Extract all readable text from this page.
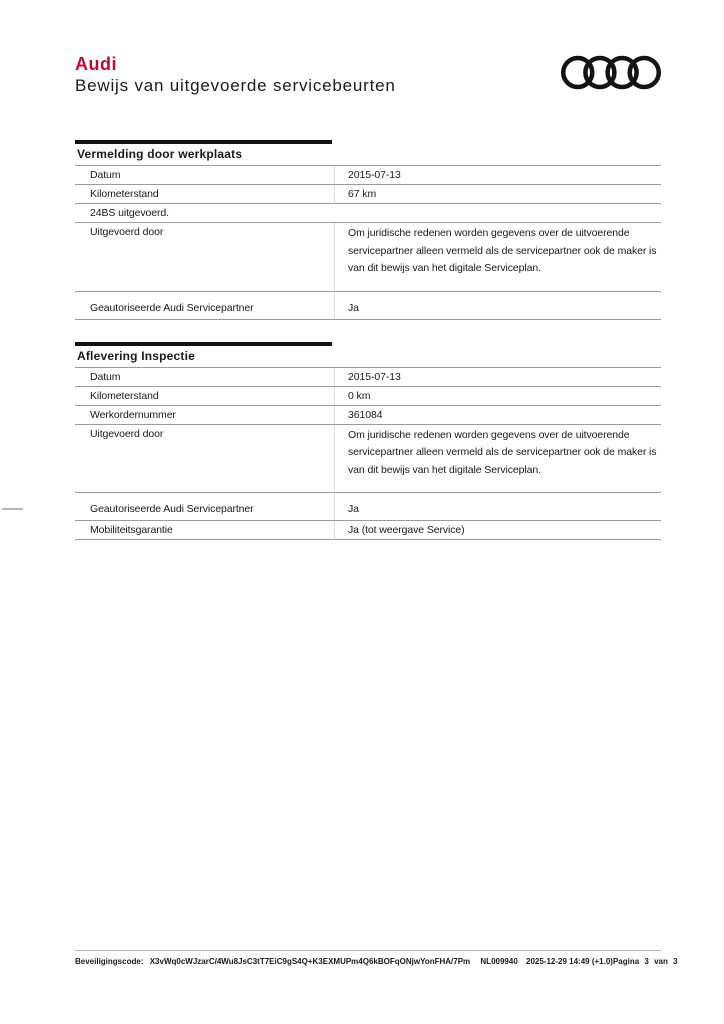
Audi
Bewijs van uitgevoerde servicebeurten
Vermelding door werkplaats
Datum	2015-07-13
Kilometerstand	67 km
24BS uitgevoerd.
Uitgevoerd door	Om juridische redenen worden gegevens over de uitvoerende servicepartner alleen vermeld als de servicepartner ook de maker is van dit bewijs van het digitale Serviceplan.
Geautoriseerde Audi Servicepartner	Ja
Aflevering Inspectie
Datum	2015-07-13
Kilometerstand	0 km
Werkordernummer	361084
Uitgevoerd door	Om juridische redenen worden gegevens over de uitvoerende servicepartner alleen vermeld als de servicepartner ook de maker is van dit bewijs van het digitale Serviceplan.
Geautoriseerde Audi Servicepartner	Ja
Mobiliteitsgarantie	Ja (tot weergave Service)
Beveiligingscode: X3vWq0cWJzarC/4Wu8JsC3tT7EiC9gS4Q+K3EXMUPm4Q6kBOFqONjwYonFHA/7Pm NL009940 2025-12-29 14:49 (+1.0) Pagina 3 van 3
